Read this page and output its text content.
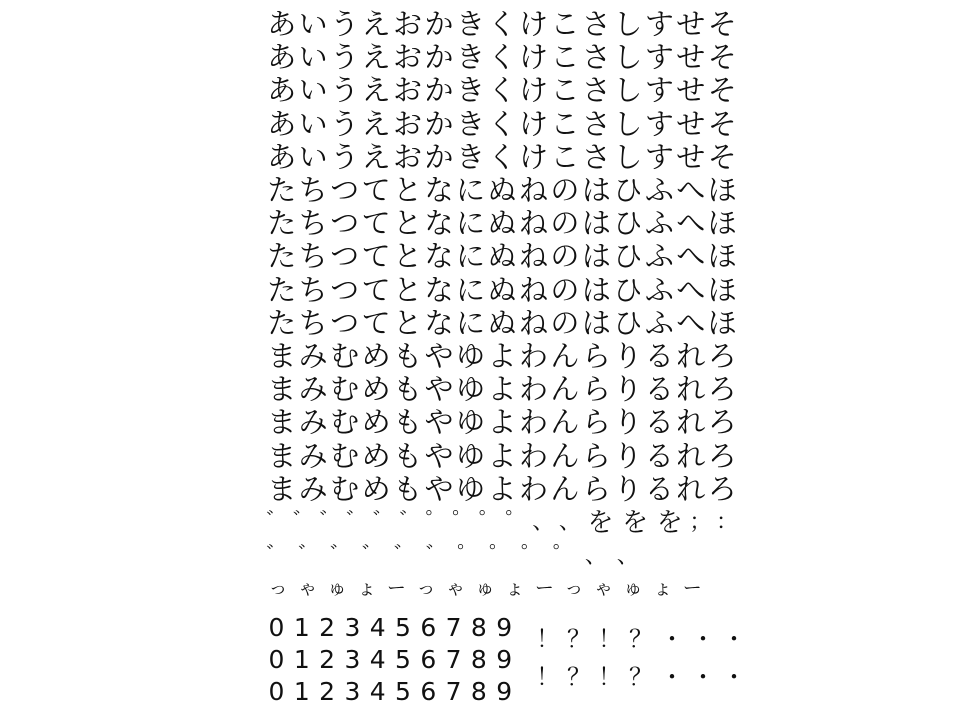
あ い う え お か き く け こ さ し す せ そ
あ い う え お か き く け こ さ し す せ そ
あ い う え お か き く け こ さ し す せ そ
あ い う え お か き く け こ さ し す せ そ
あ い う え お か き く け こ さ し す せ そ
た ち つ て と な に ぬ ね の は ひ ふ へ ほ
た ち つ て と な に ぬ ね の は ひ ふ へ ほ
た ち つ て と な に ぬ ね の は ひ ふ へ ほ
た ち つ て と な に ぬ ね の は ひ ふ へ ほ
た ち つ て と な に ぬ ね の は ひ ふ へ ほ
ま み む め も や ゆ よ わ ん ら り る れ ろ
ま み む め も や ゆ よ わ ん ら り る れ ろ
ま み む め も や ゆ よ わ ん ら り る れ ろ
ま み む め も や ゆ よ わ ん ら り る れ ろ
ま み む め も や ゆ よ わ ん ら り る れ ろ
゛ ゛ ゛ ゛ ゛ ゛ ゜ ゜ ゜ ゜ 、 、 を を を ； ：
゛ ゛ ゛ ゛ ゛ ゛ ゜ ゜ ゜ ゜ 、 、
っ ゃ ゅ ょ ー っ ゃ ゅ ょ ー っ ゃ ゅ ょ ー
0 1 2 3 4 5 6 7 8 9
0 1 2 3 4 5 6 7 8 9
0 1 2 3 4 5 6 7 8 9
！ ？ ！ ？ ・ ・ ・
！ ？ ！ ？ ・ ・ ・
